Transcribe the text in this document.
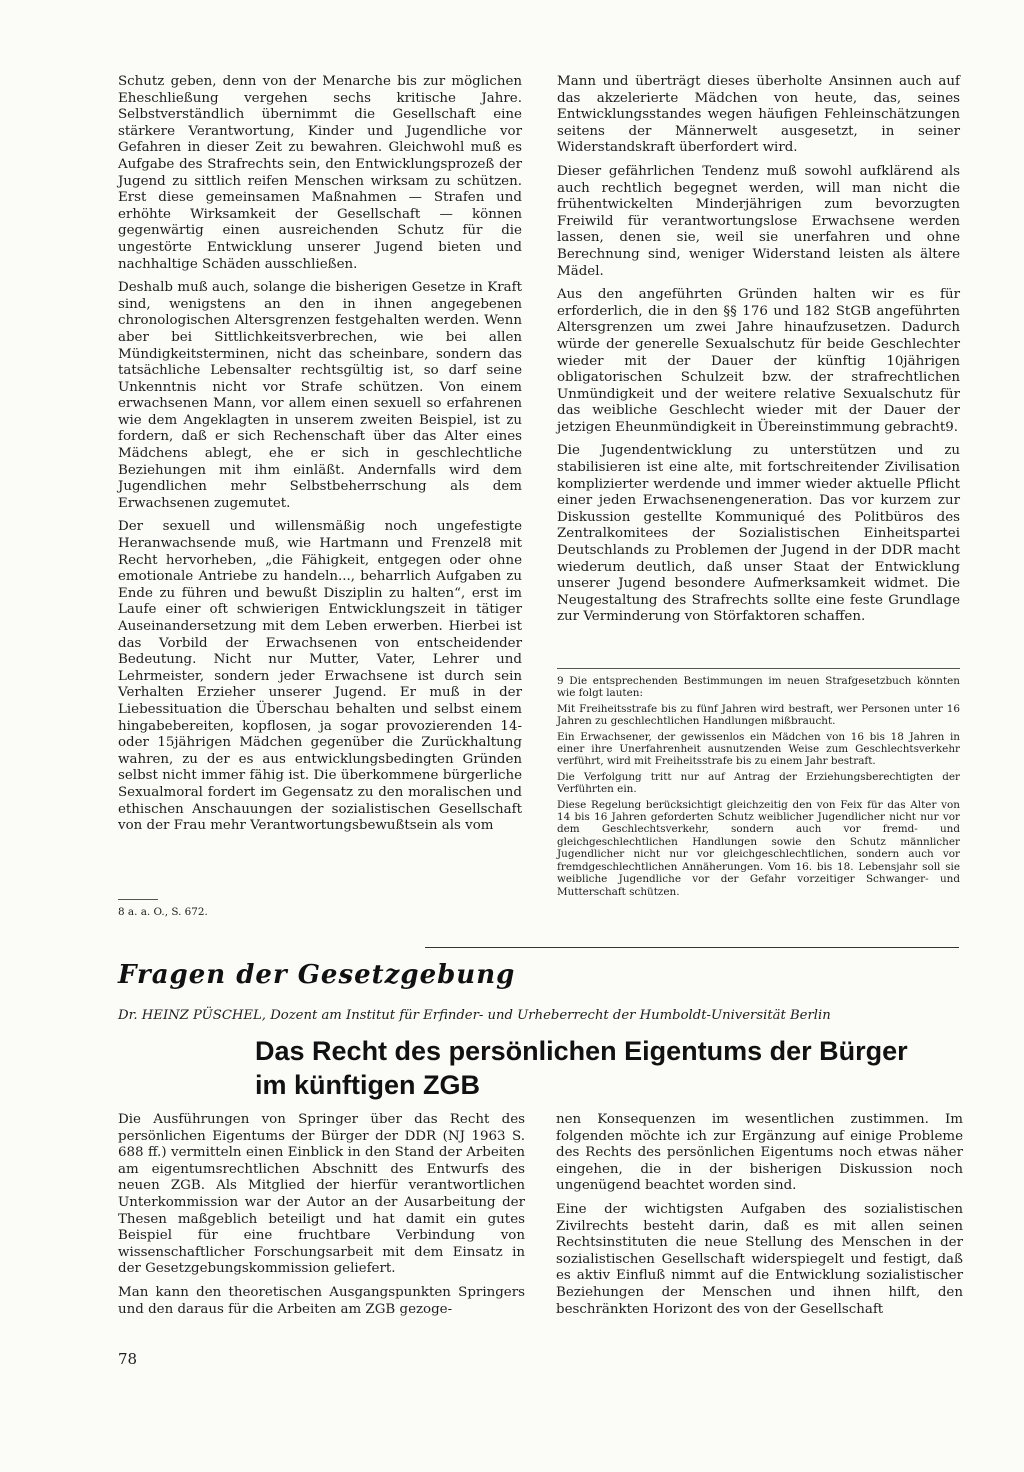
Schutz geben, denn von der Menarche bis zur möglichen Eheschließung vergehen sechs kritische Jahre. Selbstverständlich übernimmt die Gesellschaft eine stärkere Verantwortung, Kinder und Jugendliche vor Gefahren in dieser Zeit zu bewahren. Gleichwohl muß es Aufgabe des Strafrechts sein, den Entwicklungsprozeß der Jugend zu sittlich reifen Menschen wirksam zu schützen. Erst diese gemeinsamen Maßnahmen — Strafen und erhöhte Wirksamkeit der Gesellschaft — können gegenwärtig einen ausreichenden Schutz für die ungestörte Entwicklung unserer Jugend bieten und nachhaltige Schäden ausschließen.

Deshalb muß auch, solange die bisherigen Gesetze in Kraft sind, wenigstens an den in ihnen angegebenen chronologischen Altersgrenzen festgehalten werden. Wenn aber bei Sittlichkeitsverbrechen, wie bei allen Mündigkeitsterminen, nicht das scheinbare, sondern das tatsächliche Lebensalter rechtsgültig ist, so darf seine Unkenntnis nicht vor Strafe schützen. Von einem erwachsenen Mann, vor allem einen sexuell so erfahrenen wie dem Angeklagten in unserem zweiten Beispiel, ist zu fordern, daß er sich Rechenschaft über das Alter eines Mädchens ablegt, ehe er sich in geschlechtliche Beziehungen mit ihm einläßt. Andernfalls wird dem Jugendlichen mehr Selbstbeherrschung als dem Erwachsenen zugemutet.

Der sexuell und willensmäßig noch ungefestigte Heranwachsende muß, wie Hartmann und Frenzel8 mit Recht hervorheben, „die Fähigkeit, entgegen oder ohne emotionale Antriebe zu handeln..., beharrlich Aufgaben zu Ende zu führen und bewußt Disziplin zu halten“, erst im Laufe einer oft schwierigen Entwicklungszeit in tätiger Auseinandersetzung mit dem Leben erwerben. Hierbei ist das Vorbild der Erwachsenen von entscheidender Bedeutung. Nicht nur Mutter, Vater, Lehrer und Lehrmeister, sondern jeder Erwachsene ist durch sein Verhalten Erzieher unserer Jugend. Er muß in der Liebessituation die Überschau behalten und selbst einem hingabebereiten, kopflosen, ja sogar provozierenden 14- oder 15jährigen Mädchen gegenüber die Zurückhaltung wahren, zu der es aus entwicklungsbedingten Gründen selbst nicht immer fähig ist. Die überkommene bürgerliche Sexualmoral fordert im Gegensatz zu den moralischen und ethischen Anschauungen der sozialistischen Gesellschaft von der Frau mehr Verantwortungsbewußtsein als vom

8 a. a. O., S. 672.

Mann und überträgt dieses überholte Ansinnen auch auf das akzelerierte Mädchen von heute, das, seines Entwicklungsstandes wegen häufigen Fehleinschätzungen seitens der Männerwelt ausgesetzt, in seiner Widerstandskraft überfordert wird.

Dieser gefährlichen Tendenz muß sowohl aufklärend als auch rechtlich begegnet werden, will man nicht die frühentwickelten Minderjährigen zum bevorzugten Freiwild für verantwortungslose Erwachsene werden lassen, denen sie, weil sie unerfahren und ohne Berechnung sind, weniger Widerstand leisten als ältere Mädel.

Aus den angeführten Gründen halten wir es für erforderlich, die in den §§ 176 und 182 StGB angeführten Altersgrenzen um zwei Jahre hinaufzusetzen. Dadurch würde der generelle Sexualschutz für beide Geschlechter wieder mit der Dauer der künftig 10jährigen obligatorischen Schulzeit bzw. der strafrechtlichen Unmündigkeit und der weitere relative Sexualschutz für das weibliche Geschlecht wieder mit der Dauer der jetzigen Eheunmündigkeit in Übereinstimmung gebracht9.

Die Jugendentwicklung zu unterstützen und zu stabilisieren ist eine alte, mit fortschreitender Zivilisation komplizierter werdende und immer wieder aktuelle Pflicht einer jeden Erwachsenengeneration. Das vor kurzem zur Diskussion gestellte Kommuniqué des Politbüros des Zentralkomitees der Sozialistischen Einheitspartei Deutschlands zu Problemen der Jugend in der DDR macht wiederum deutlich, daß unser Staat der Entwicklung unserer Jugend besondere Aufmerksamkeit widmet. Die Neugestaltung des Strafrechts sollte eine feste Grundlage zur Verminderung von Störfaktoren schaffen.

9 Die entsprechenden Bestimmungen im neuen Strafgesetzbuch könnten wie folgt lauten:

Mit Freiheitsstrafe bis zu fünf Jahren wird bestraft, wer Personen unter 16 Jahren zu geschlechtlichen Handlungen mißbraucht.

Ein Erwachsener, der gewissenlos ein Mädchen von 16 bis 18 Jahren in einer ihre Unerfahrenheit ausnutzenden Weise zum Geschlechtsverkehr verführt, wird mit Freiheitsstrafe bis zu einem Jahr bestraft.

Die Verfolgung tritt nur auf Antrag der Erziehungsberechtigten der Verführten ein.

Diese Regelung berücksichtigt gleichzeitig den von Feix für das Alter von 14 bis 16 Jahren geforderten Schutz weiblicher Jugendlicher nicht nur vor dem Geschlechtsverkehr, sondern auch vor fremd- und gleichgeschlechtlichen Handlungen sowie den Schutz männlicher Jugendlicher nicht nur vor gleichgeschlechtlichen, sondern auch vor fremdgeschlechtlichen Annäherungen. Vom 16. bis 18. Lebensjahr soll sie weibliche Jugendliche vor der Gefahr vorzeitiger Schwanger- und Mutterschaft schützen.

Fragen der Gesetzgebung
Dr. HEINZ PÜSCHEL, Dozent am Institut für Erfinder- und Urheberrecht der Humboldt-Universität Berlin
Das Recht des persönlichen Eigentums der Bürger
im künftigen ZGB

Die Ausführungen von Springer über das Recht des persönlichen Eigentums der Bürger der DDR (NJ 1963 S. 688 ff.) vermitteln einen Einblick in den Stand der Arbeiten am eigentumsrechtlichen Abschnitt des Entwurfs des neuen ZGB. Als Mitglied der hierfür verantwortlichen Unterkommission war der Autor an der Ausarbeitung der Thesen maßgeblich beteiligt und hat damit ein gutes Beispiel für eine fruchtbare Verbindung von wissenschaftlicher Forschungsarbeit mit dem Einsatz in der Gesetzgebungskommission geliefert.

Man kann den theoretischen Ausgangspunkten Springers und den daraus für die Arbeiten am ZGB gezoge-

nen Konsequenzen im wesentlichen zustimmen. Im folgenden möchte ich zur Ergänzung auf einige Probleme des Rechts des persönlichen Eigentums noch etwas näher eingehen, die in der bisherigen Diskussion noch ungenügend beachtet worden sind.

Eine der wichtigsten Aufgaben des sozialistischen Zivilrechts besteht darin, daß es mit allen seinen Rechtsinstituten die neue Stellung des Menschen in der sozialistischen Gesellschaft widerspiegelt und festigt, daß es aktiv Einfluß nimmt auf die Entwicklung sozialistischer Beziehungen der Menschen und ihnen hilft, den beschränkten Horizont des von der Gesellschaft

78
